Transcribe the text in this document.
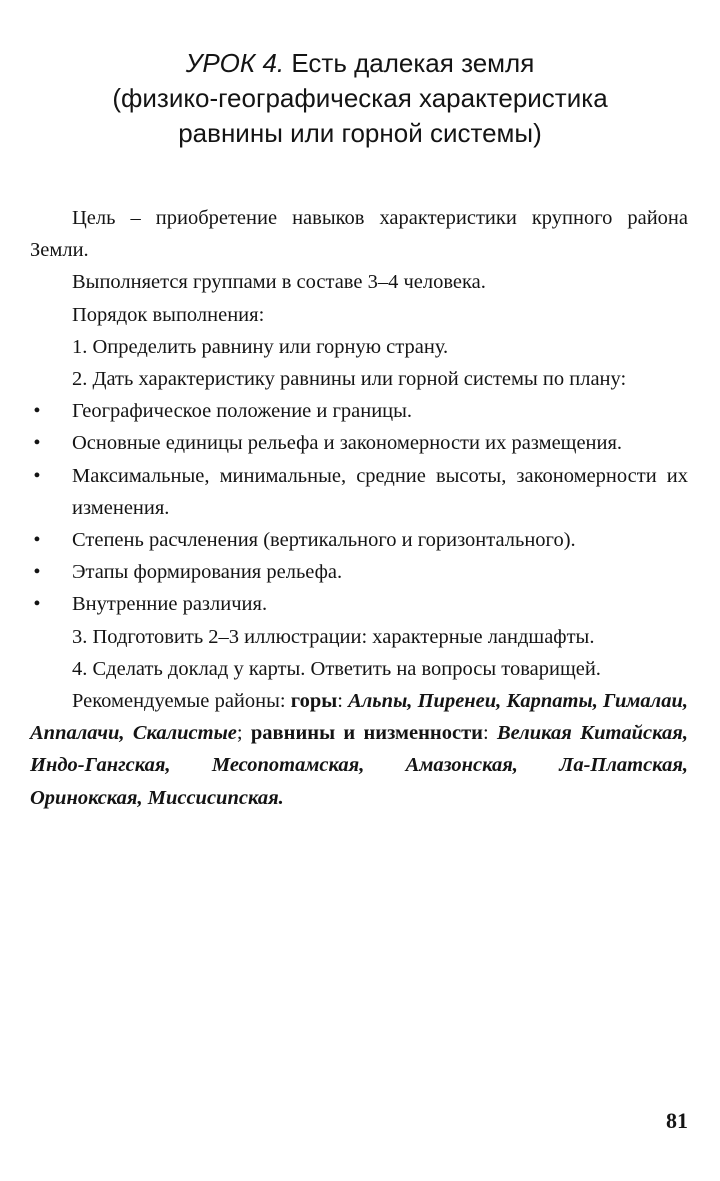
УРОК 4. Есть далекая земля
(физико-географическая характеристика
равнины или горной системы)

Цель – приобретение навыков характеристики крупного района Земли.

Выполняется группами в составе 3–4 человека.

Порядок выполнения:

1. Определить равнину или горную страну.

2. Дать характеристику равнины или горной системы по плану:

• Географическое положение и границы.
• Основные единицы рельефа и закономерности их размещения.
• Максимальные, минимальные, средние высоты, закономерности их изменения.
• Степень расчленения (вертикального и горизонтального).
• Этапы формирования рельефа.
• Внутренние различия.

3. Подготовить 2–3 иллюстрации: характерные ландшафты.

4. Сделать доклад у карты. Ответить на вопросы товарищей.

Рекомендуемые районы: горы: Альпы, Пиренеи, Карпаты, Гималаи, Аппалачи, Скалистые; равнины и низменности: Великая Китайская, Индо-Гангская, Месопотамская, Амазонская, Ла-Платская, Оринокская, Миссисипская.

81
